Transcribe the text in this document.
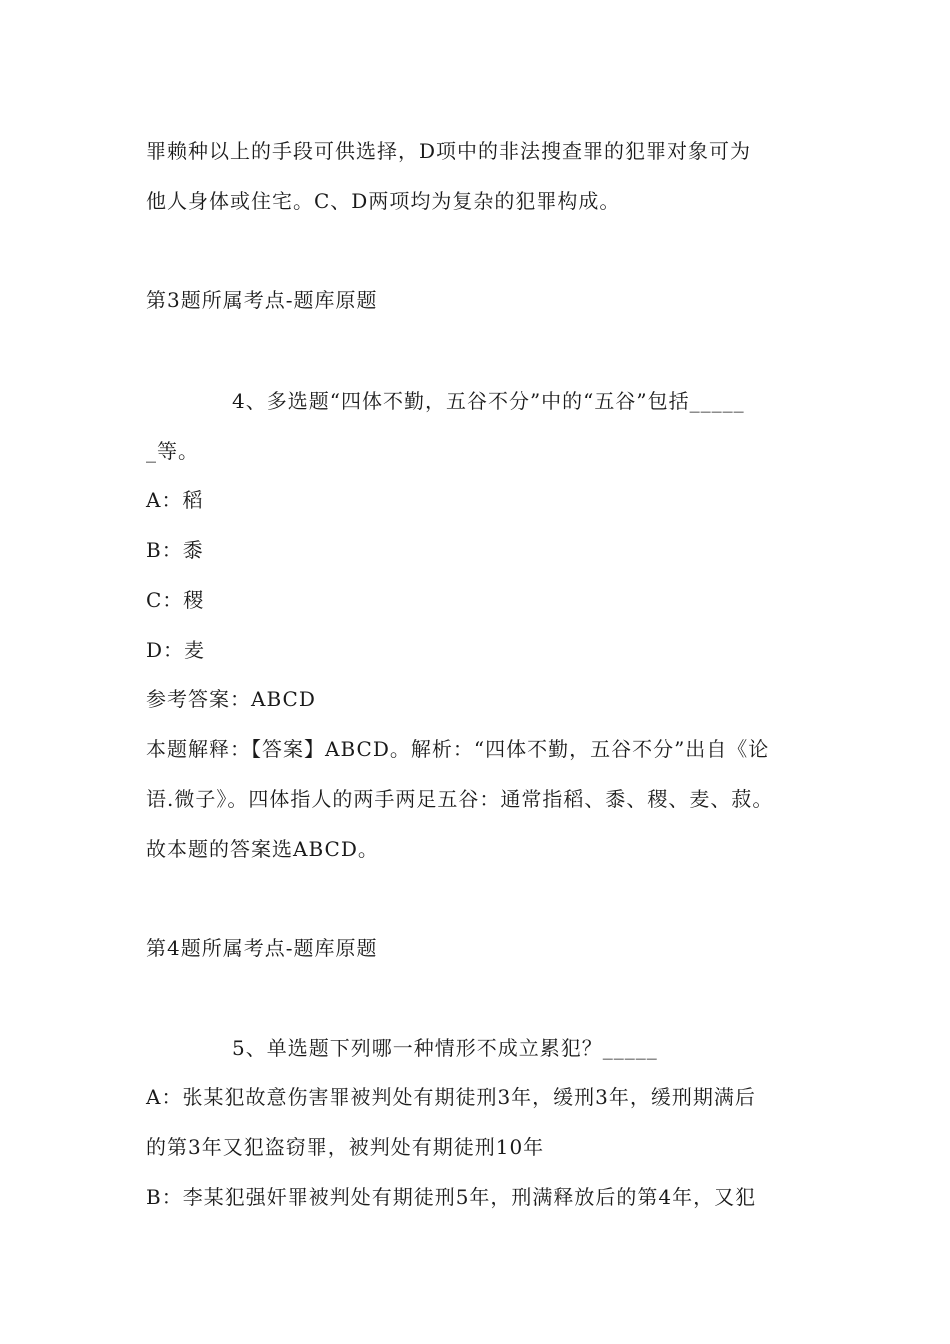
罪赖种以上的手段可供选择，D项中的非法搜查罪的犯罪对象可为
他人身体或住宅。C、D两项均为复杂的犯罪构成。
第3题所属考点-题库原题
4、多选题“四体不勤，五谷不分”中的“五谷”包括_____
_等。
A：稻
B：黍
C：稷
D：麦
参考答案：ABCD
本题解释：【答案】ABCD。解析：“四体不勤，五谷不分”出自《论
语.微子》。四体指人的两手两足五谷：通常指稻、黍、稷、麦、菽。
故本题的答案选ABCD。
第4题所属考点-题库原题
5、单选题下列哪一种情形不成立累犯？_____
A：张某犯故意伤害罪被判处有期徒刑3年，缓刑3年，缓刑期满后
的第3年又犯盗窃罪，被判处有期徒刑10年
B：李某犯强奸罪被判处有期徒刑5年，刑满释放后的第4年，又犯
